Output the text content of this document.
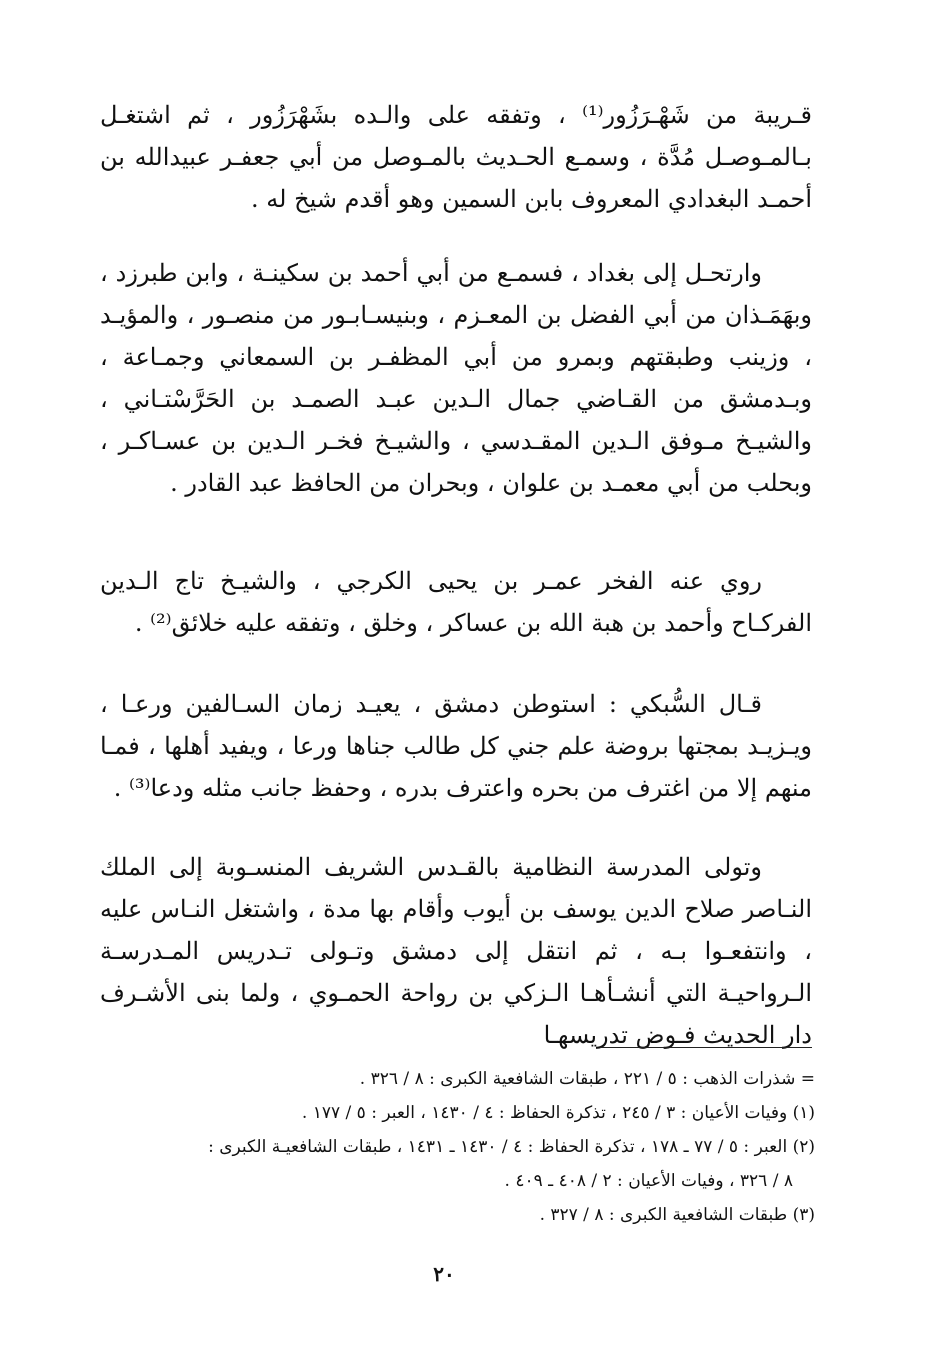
قـريبة من شَهْـرَزُور⁽¹⁾ ، وتفقه على والـده بشَهْرَزُور ، ثم اشتغـل بـالمـوصـل مُدَّة ، وسمـع الحـديث بالمـوصل من أبي جعفـر عبيدالله بن أحمـد البغدادي المعروف بابن السمين وهو أقدم شيخ له .

وارتحـل إلى بغداد ، فسمـع من أبي أحمد بن سكينـة ، وابن طبرزد ، وبهَمَـذان من أبي الفضل بن المعـزم ، وبنيسـابـور من منصـور ، والمؤيـد ، وزينب وطبقتهم وبمرو من أبي المظفـر بن السمعاني وجمـاعة ، وبـدمشق من القـاضي جمال الـدين عبـد الصمـد بن الحَرَّسْتـاني ، والشيـخ مـوفق الـدين المقـدسي ، والشيـخ فخـر الـدين بن عسـاكـر ، وبحلب من أبي معمـد بن علوان ، وبحران من الحافظ عبد القادر .

روي عنه الفخر عمـر بن يحيى الكرجي ، والشيـخ تاج الـدين الفركـاح وأحمد بن هبة الله بن عساكر ، وخلق ، وتفقه عليه خلائق⁽²⁾ .

قـال السُّبكي : استوطن دمشق ، يعيـد زمان السـالفين ورعـا ، ويـزيـد بمجتها بروضة علم جني كل طالب جناها ورعا ، ويفيد أهلها ، فمـا منهم إلا من اغترف من بحره واعترف بدره ، وحفظ جانب مثله ودعا⁽³⁾ .

وتولى المدرسة النظامية بالقـدس الشريف المنسـوبة إلى الملك النـاصر صلاح الدين يوسف بن أيوب وأقام بها مدة ، واشتغل النـاس عليه ، وانتفعـوا بـه ، ثم انتقل إلى دمشق وتـولى تـدريس المـدرسـة الـرواحيـة التي أنشـأهـا الـزكي بن رواحة الحمـوي ، ولما بنى الأشـرف دار الحديث فـوض تدريسهـا

= شذرات الذهب : ٥ / ٢٢١ ، طبقات الشافعية الكبرى : ٨ / ٣٢٦ .
(١) وفيات الأعيان : ٣ / ٢٤٥ ، تذكرة الحفاظ : ٤ / ١٤٣٠ ، العبر : ٥ / ١٧٧ .
(٢) العبر : ٥ / ٧٧ ـ ١٧٨ ، تذكرة الحفاظ : ٤ / ١٤٣٠ ـ ١٤٣١ ، طبقات الشافعيـة الكبرى :
٨ / ٣٢٦ ، وفيات الأعيان : ٢ / ٤٠٨ ـ ٤٠٩ .
(٣) طبقات الشافعية الكبرى : ٨ / ٣٢٧ .
٢٠
